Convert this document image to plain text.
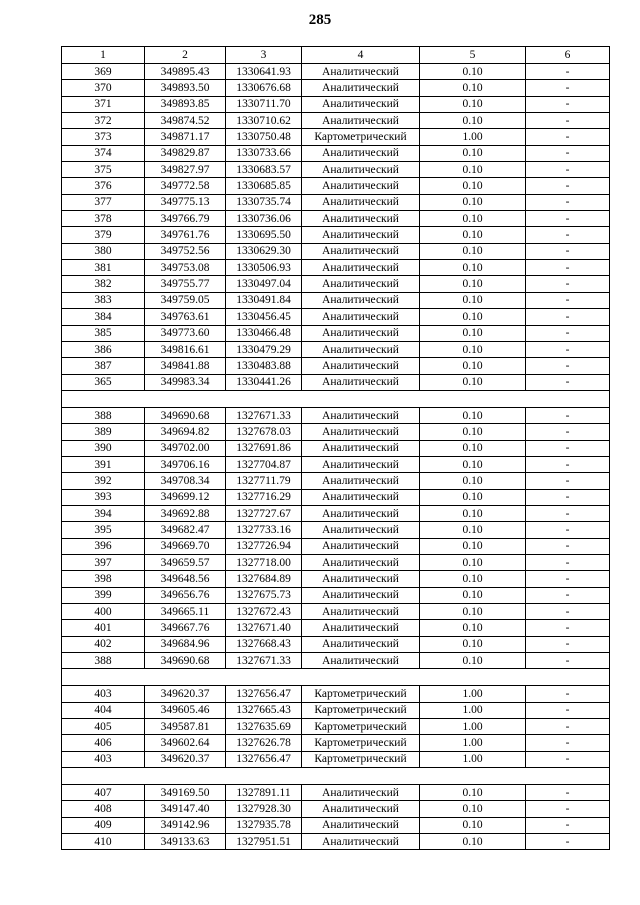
285
1	2	3	4	5	6
369	349895.43	1330641.93	Аналитический	0.10	-
370	349893.50	1330676.68	Аналитический	0.10	-
371	349893.85	1330711.70	Аналитический	0.10	-
372	349874.52	1330710.62	Аналитический	0.10	-
373	349871.17	1330750.48	Картометрический	1.00	-
374	349829.87	1330733.66	Аналитический	0.10	-
375	349827.97	1330683.57	Аналитический	0.10	-
376	349772.58	1330685.85	Аналитический	0.10	-
377	349775.13	1330735.74	Аналитический	0.10	-
378	349766.79	1330736.06	Аналитический	0.10	-
379	349761.76	1330695.50	Аналитический	0.10	-
380	349752.56	1330629.30	Аналитический	0.10	-
381	349753.08	1330506.93	Аналитический	0.10	-
382	349755.77	1330497.04	Аналитический	0.10	-
383	349759.05	1330491.84	Аналитический	0.10	-
384	349763.61	1330456.45	Аналитический	0.10	-
385	349773.60	1330466.48	Аналитический	0.10	-
386	349816.61	1330479.29	Аналитический	0.10	-
387	349841.88	1330483.88	Аналитический	0.10	-
365	349983.34	1330441.26	Аналитический	0.10	-

388	349690.68	1327671.33	Аналитический	0.10	-
389	349694.82	1327678.03	Аналитический	0.10	-
390	349702.00	1327691.86	Аналитический	0.10	-
391	349706.16	1327704.87	Аналитический	0.10	-
392	349708.34	1327711.79	Аналитический	0.10	-
393	349699.12	1327716.29	Аналитический	0.10	-
394	349692.88	1327727.67	Аналитический	0.10	-
395	349682.47	1327733.16	Аналитический	0.10	-
396	349669.70	1327726.94	Аналитический	0.10	-
397	349659.57	1327718.00	Аналитический	0.10	-
398	349648.56	1327684.89	Аналитический	0.10	-
399	349656.76	1327675.73	Аналитический	0.10	-
400	349665.11	1327672.43	Аналитический	0.10	-
401	349667.76	1327671.40	Аналитический	0.10	-
402	349684.96	1327668.43	Аналитический	0.10	-
388	349690.68	1327671.33	Аналитический	0.10	-

403	349620.37	1327656.47	Картометрический	1.00	-
404	349605.46	1327665.43	Картометрический	1.00	-
405	349587.81	1327635.69	Картометрический	1.00	-
406	349602.64	1327626.78	Картометрический	1.00	-
403	349620.37	1327656.47	Картометрический	1.00	-

407	349169.50	1327891.11	Аналитический	0.10	-
408	349147.40	1327928.30	Аналитический	0.10	-
409	349142.96	1327935.78	Аналитический	0.10	-
410	349133.63	1327951.51	Аналитический	0.10	-
